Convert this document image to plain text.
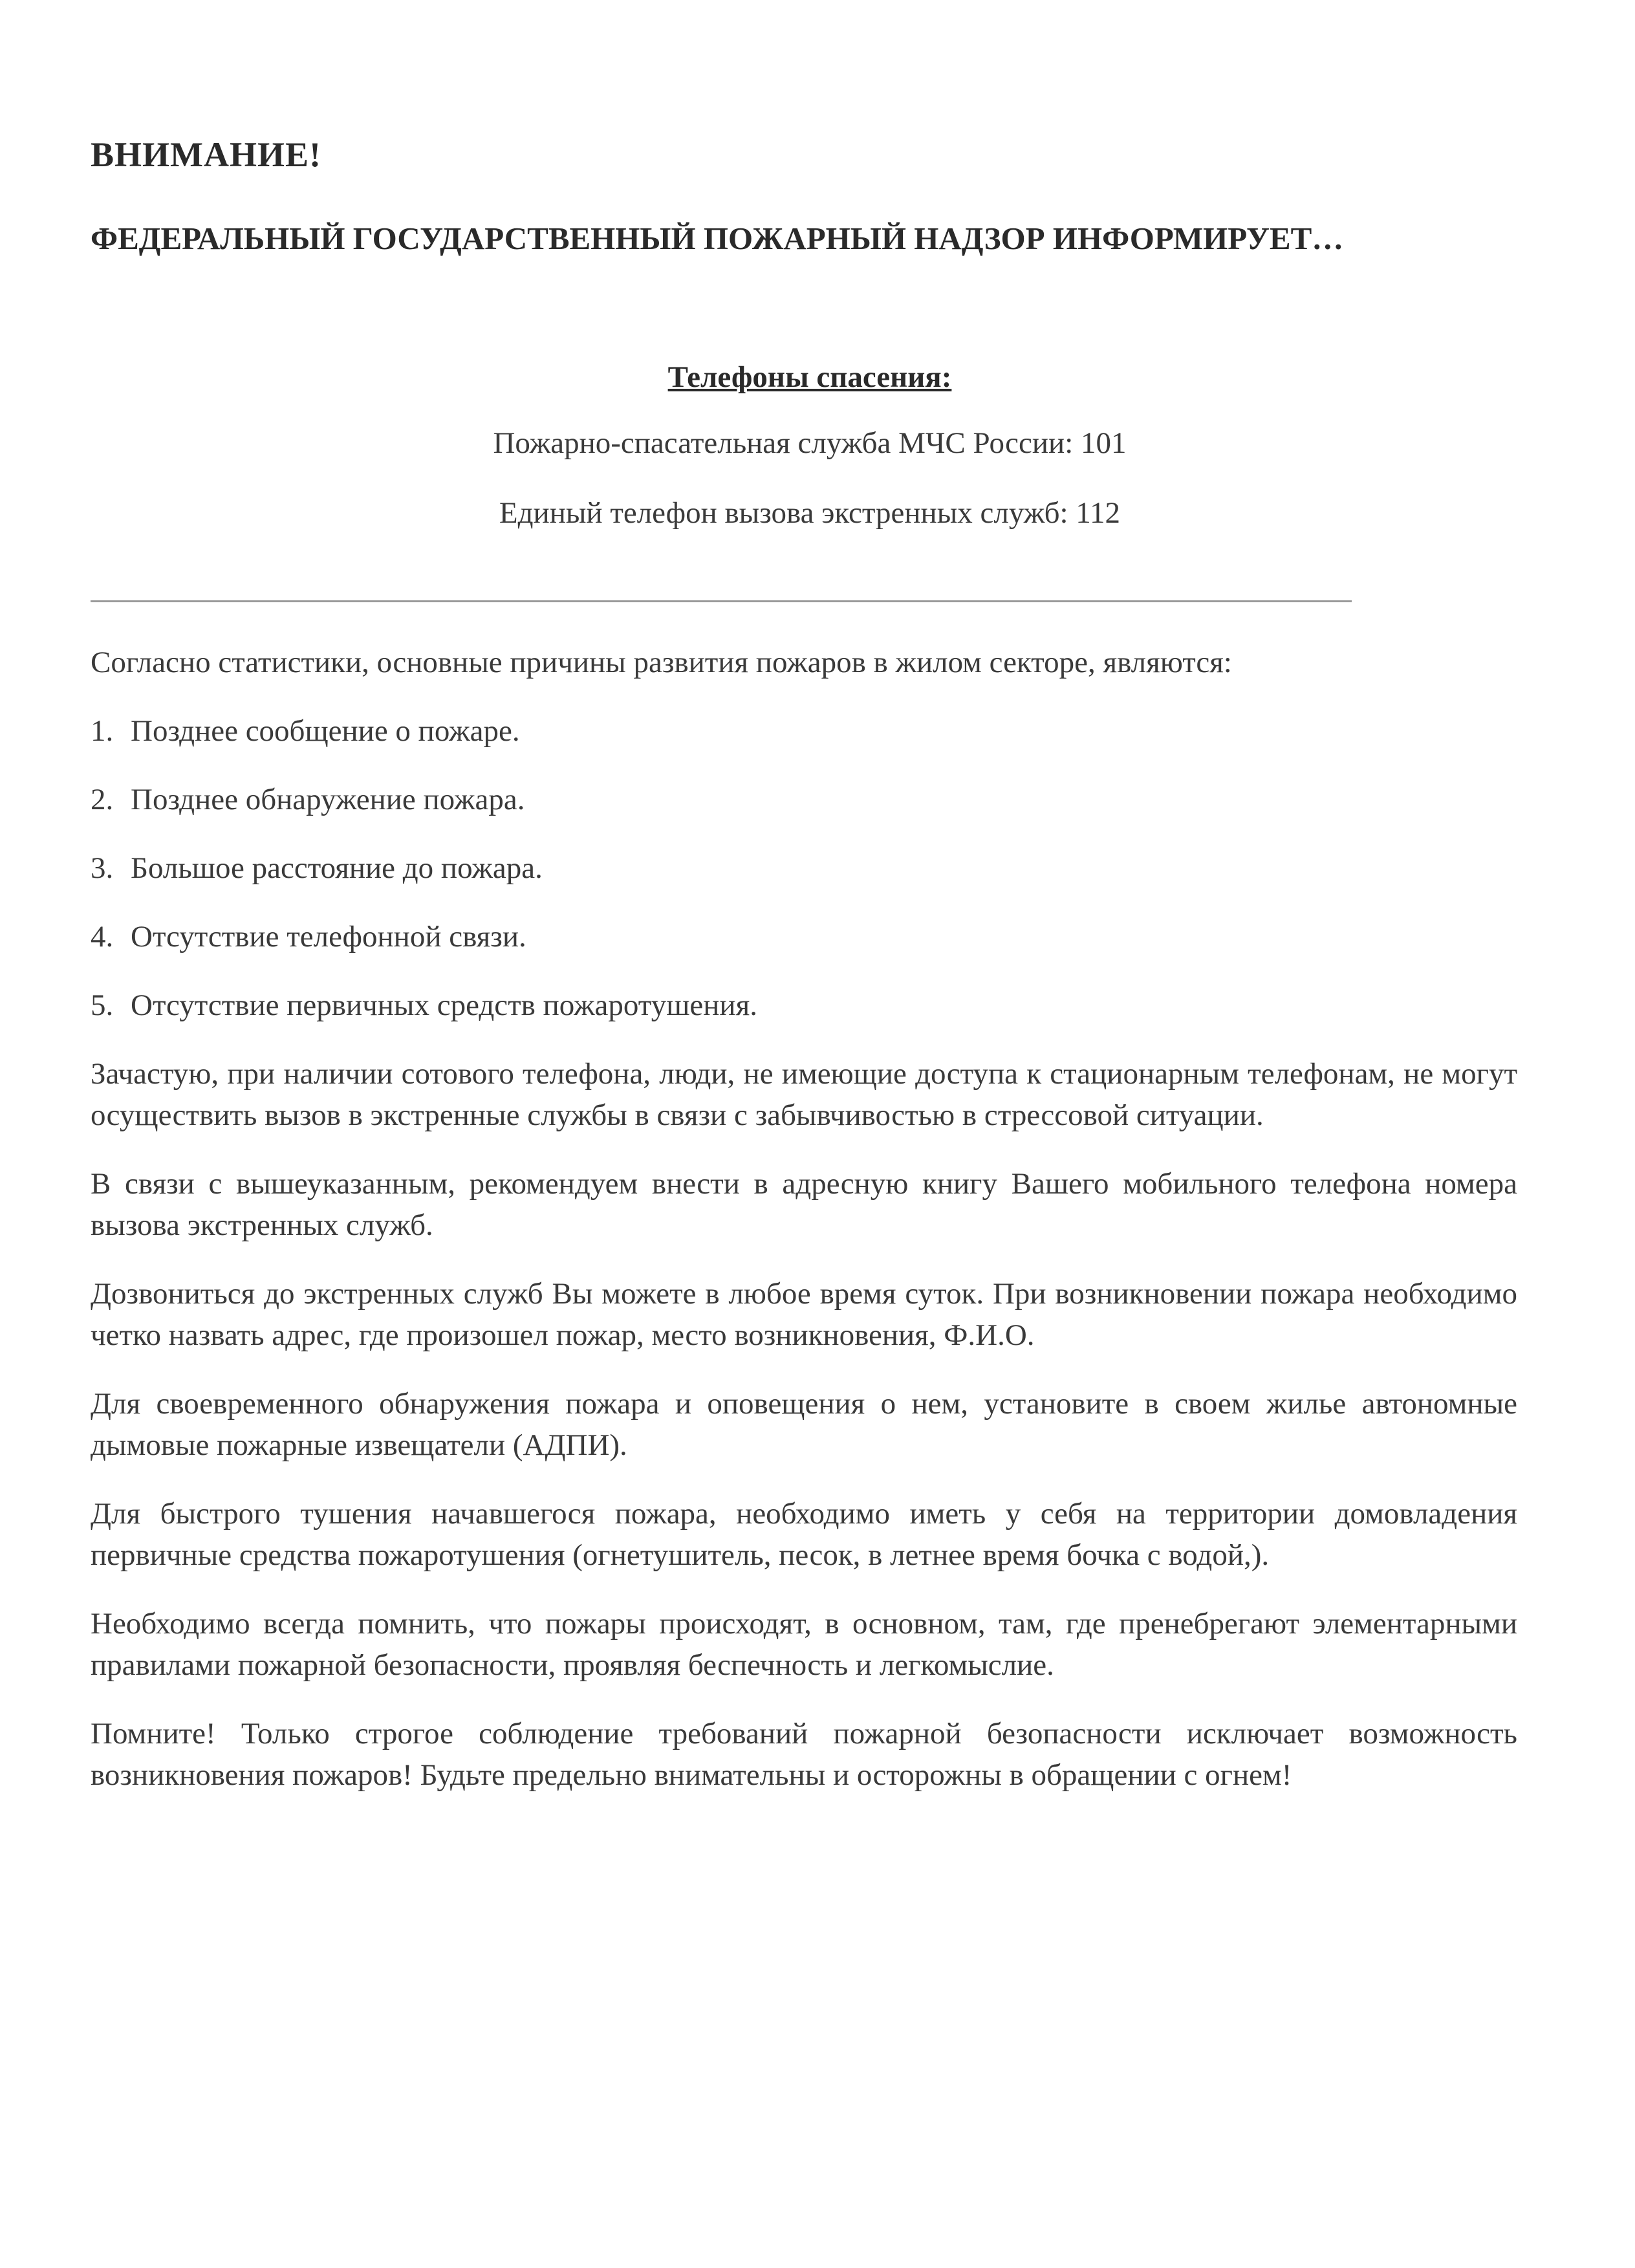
ВНИМАНИЕ!
ФЕДЕРАЛЬНЫЙ ГОСУДАРСТВЕННЫЙ ПОЖАРНЫЙ НАДЗОР ИНФОРМИРУЕТ…

Телефоны спасения:

Пожарно-спасательная служба МЧС России: 101

Единый телефон вызова экстренных служб: 112

Согласно статистики, основные причины развития пожаров в жилом секторе, являются:

1. Позднее сообщение о пожаре.
2. Позднее обнаружение пожара.
3. Большое расстояние до пожара.
4. Отсутствие телефонной связи.
5. Отсутствие первичных средств пожаротушения.

Зачастую, при наличии сотового телефона, люди, не имеющие доступа к стационарным телефонам, не могут осуществить вызов в экстренные службы в связи с забывчивостью в стрессовой ситуации.

В связи с вышеуказанным, рекомендуем внести в адресную книгу Вашего мобильного телефона номера вызова экстренных служб.

Дозвониться до экстренных служб Вы можете в любое время суток. При возникновении пожара необходимо четко назвать адрес, где произошел пожар, место возникновения, Ф.И.О.

Для своевременного обнаружения пожара и оповещения о нем, установите в своем жилье автономные дымовые пожарные извещатели (АДПИ).

Для быстрого тушения начавшегося пожара, необходимо иметь у себя на территории домовладения первичные средства пожаротушения (огнетушитель, песок, в летнее время бочка с водой,).

Необходимо всегда помнить, что пожары происходят, в основном, там, где пренебрегают элементарными правилами пожарной безопасности, проявляя беспечность и легкомыслие.

Помните! Только строгое соблюдение требований пожарной безопасности исключает возможность возникновения пожаров! Будьте предельно внимательны и осторожны в обращении с огнем!
